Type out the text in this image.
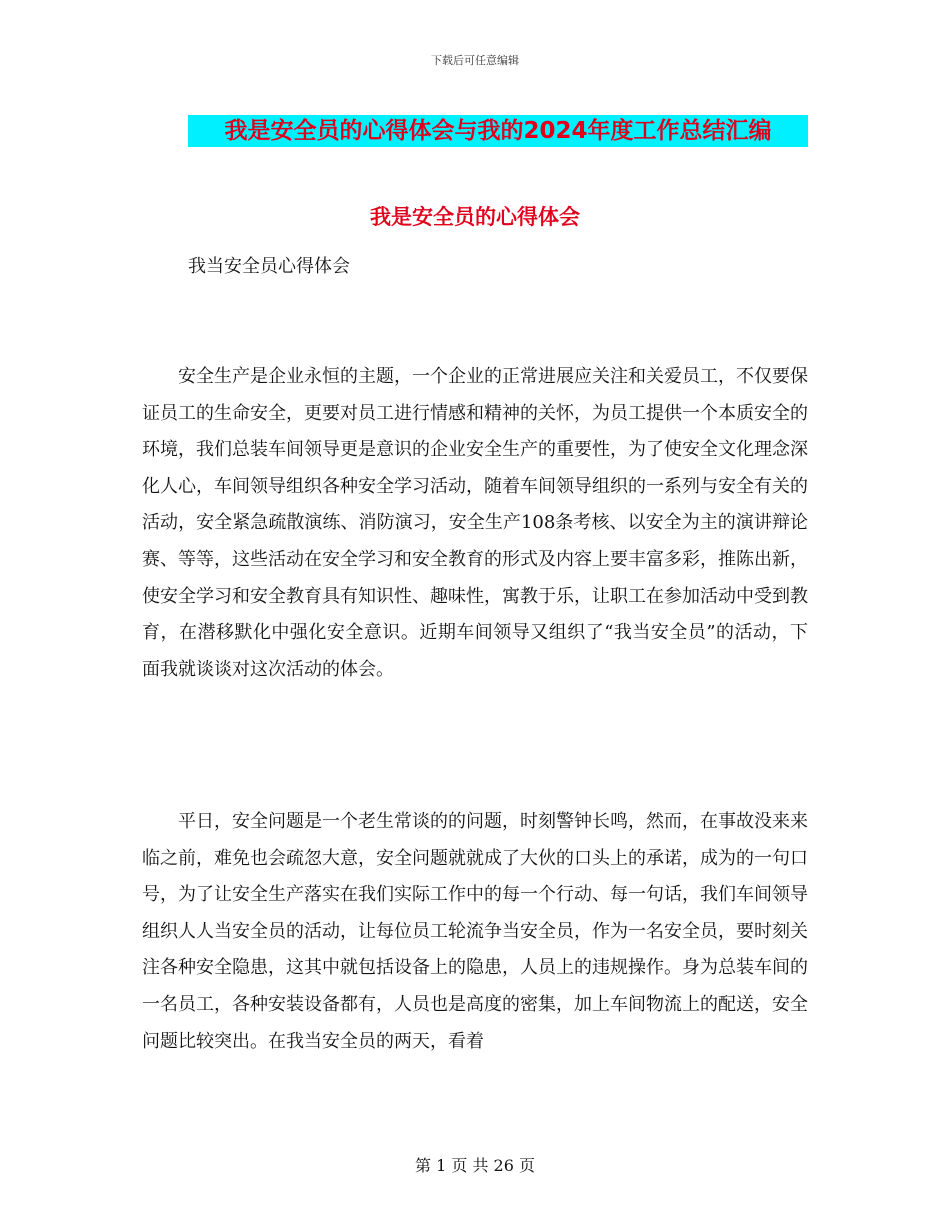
下载后可任意编辑
我是安全员的心得体会与我的2024年度工作总结汇编
我是安全员的心得体会

我当安全员心得体会

安全生产是企业永恒的主题，一个企业的正常进展应关注和关爱员工，不仅要保证员工的生命安全，更要对员工进行情感和精神的关怀，为员工提供一个本质安全的环境，我们总装车间领导更是意识的企业安全生产的重要性，为了使安全文化理念深化人心，车间领导组织各种安全学习活动，随着车间领导组织的一系列与安全有关的活动，安全紧急疏散演练、消防演习，安全生产108条考核、以安全为主的演讲辩论赛、等等，这些活动在安全学习和安全教育的形式及内容上要丰富多彩，推陈出新，使安全学习和安全教育具有知识性、趣味性，寓教于乐，让职工在参加活动中受到教育，在潜移默化中强化安全意识。近期车间领导又组织了“我当安全员”的活动，下面我就谈谈对这次活动的体会。

平日，安全问题是一个老生常谈的的问题，时刻警钟长鸣，然而，在事故没来来临之前，难免也会疏忽大意，安全问题就就成了大伙的口头上的承诺，成为的一句口号，为了让安全生产落实在我们实际工作中的每一个行动、每一句话，我们车间领导组织人人当安全员的活动，让每位员工轮流争当安全员，作为一名安全员，要时刻关注各种安全隐患，这其中就包括设备上的隐患，人员上的违规操作。身为总装车间的一名员工，各种安装设备都有，人员也是高度的密集，加上车间物流上的配送，安全问题比较突出。在我当安全员的两天，看着

第 1 页 共 26 页
